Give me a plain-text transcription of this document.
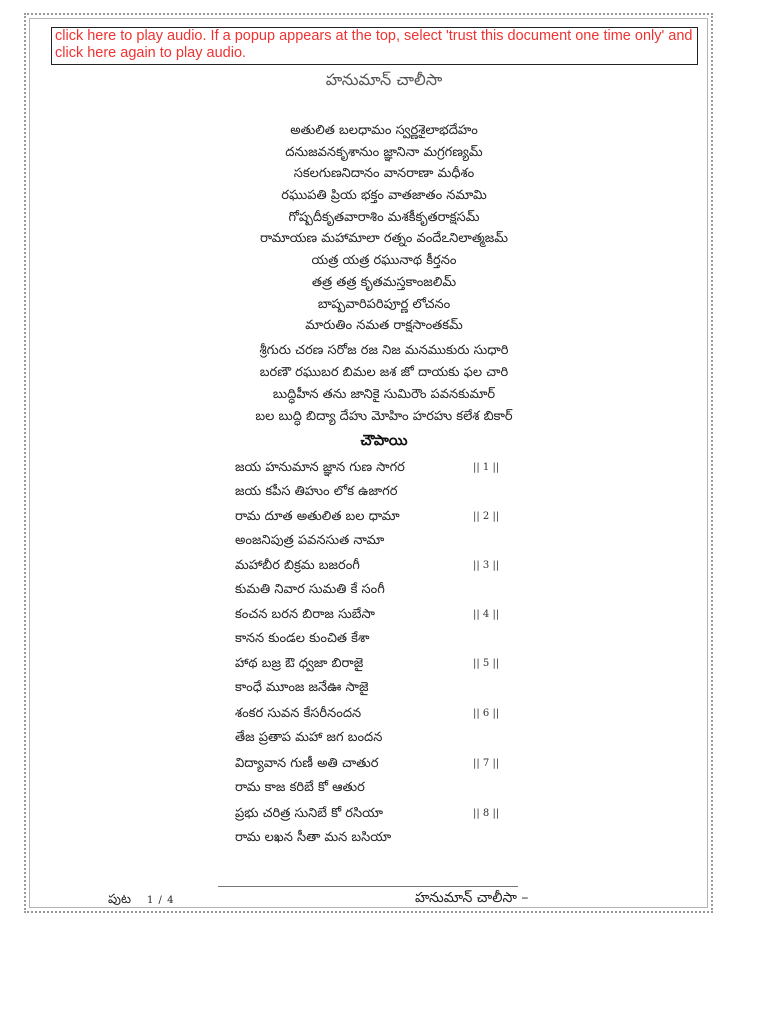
click here to play audio. If a popup appears at the top, select 'trust this document one time only' and click here again to play audio.
హనుమాన్ చాలీసా

అతులిత బలధామం స్వర్ణశైలాభదేహం

దనుజవనకృశానుం జ్ఞానినా మగ్రగణ్యమ్

సకలగుణనిదానం వానరాణా మధీశం

రఘుపతి ప్రియ భక్తం వాతజాతం నమామి

గోష్పదీకృతవారాశిం మశకీకృతరాక్షసమ్

రామాయణ మహామాలా రత్నం వందేఽనిలాత్మజమ్

యత్ర యత్ర రఘునాథ కీర్తనం

తత్ర తత్ర కృతమస్తకాంజలిమ్

బాష్పవారిపరిపూర్ణ లోచనం

మారుతిం నమత రాక్షసాంతకమ్

శ్రీగురు చరణ సరోజ రజ నిజ మనముకురు సుధారి

బరణౌ రఘుబర బిమల జశ జో దాయకు ఫల చారి

బుద్ధిహీన తను జానికై సుమిరౌం పవనకుమార్

బల బుద్ధి బిద్యా దేహు మోహిం హరహు కలేశ బికార్

చౌపాయి
జయ హనుమాన జ్ఞాన గుణ సాగర	|| 1 ||
జయ కపీస తిహుం లోక ఉజాగర
రామ దూత అతులిత బల ధామా	|| 2 ||
అంజనిపుత్ర పవనసుత నామా
మహాబీర బిక్రమ బజరంగీ	|| 3 ||
కుమతి నివార సుమతి కే సంగీ
కంచన బరన బిరాజ సుబేసా	|| 4 ||
కానన కుండల కుంచిత కేశా
హాథ బజ్ర ఔ ధ్వజా బిరాజై	|| 5 ||
కాంధే మూంజ జనేఊ సాజై
శంకర సువన కేసరీనందన	|| 6 ||
తేజ ప్రతాప మహా జగ బందన
విద్యావాన గుణీ అతి చాతుర	|| 7 ||
రామ కాజ కరిబే కో ఆతుర
ప్రభు చరిత్ర సునిబే కో రసియా	|| 8 ||
రామ లఖన సీతా మన బసియా
పుట 1 / 4	హనుమాన్ చాలీసా –
